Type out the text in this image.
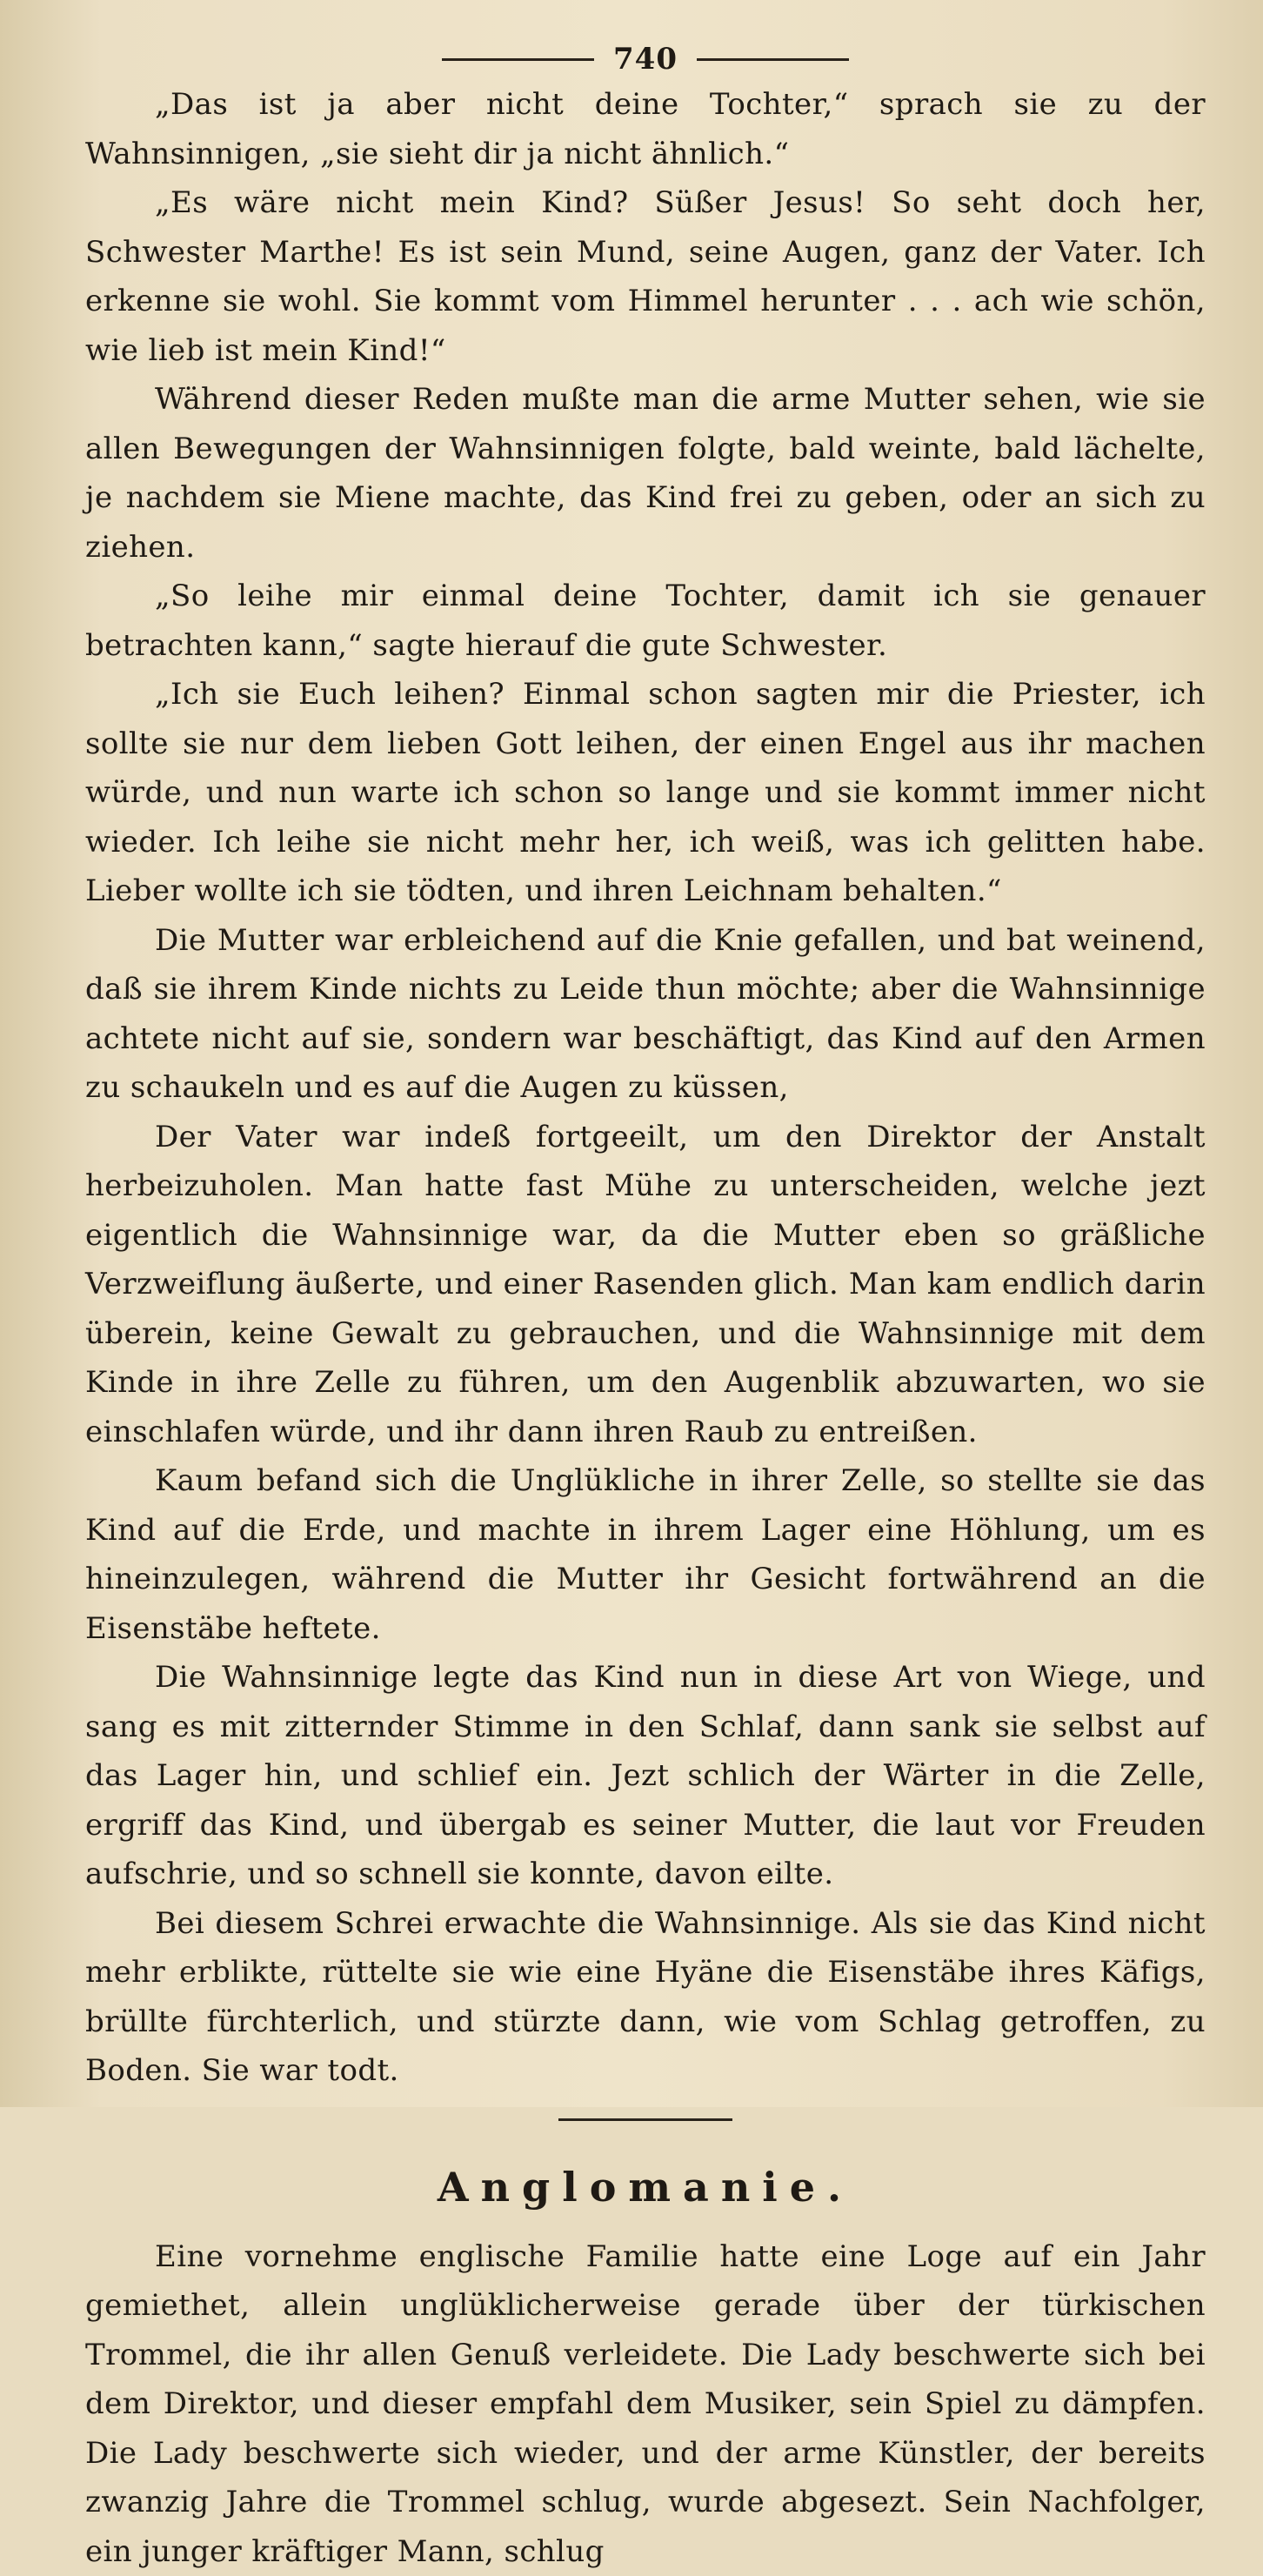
740

„Das ist ja aber nicht deine Tochter,“ sprach sie zu der Wahnsinnigen, „sie sieht dir ja nicht ähnlich.“

„Es wäre nicht mein Kind? Süßer Jesus! So seht doch her, Schwester Marthe! Es ist sein Mund, seine Augen, ganz der Vater. Ich erkenne sie wohl. Sie kommt vom Himmel herunter . . . ach wie schön, wie lieb ist mein Kind!“

Während dieser Reden mußte man die arme Mutter sehen, wie sie allen Bewegungen der Wahnsinnigen folgte, bald weinte, bald lächelte, je nachdem sie Miene machte, das Kind frei zu geben, oder an sich zu ziehen.

„So leihe mir einmal deine Tochter, damit ich sie genauer betrachten kann,“ sagte hierauf die gute Schwester.

„Ich sie Euch leihen? Einmal schon sagten mir die Priester, ich sollte sie nur dem lieben Gott leihen, der einen Engel aus ihr machen würde, und nun warte ich schon so lange und sie kommt immer nicht wieder. Ich leihe sie nicht mehr her, ich weiß, was ich gelitten habe. Lieber wollte ich sie tödten, und ihren Leichnam behalten.“

Die Mutter war erbleichend auf die Knie gefallen, und bat weinend, daß sie ihrem Kinde nichts zu Leide thun möchte; aber die Wahnsinnige achtete nicht auf sie, sondern war beschäftigt, das Kind auf den Armen zu schaukeln und es auf die Augen zu küssen,

Der Vater war indeß fortgeeilt, um den Direktor der Anstalt herbeizuholen. Man hatte fast Mühe zu unterscheiden, welche jezt eigentlich die Wahnsinnige war, da die Mutter eben so gräßliche Verzweiflung äußerte, und einer Rasenden glich. Man kam endlich darin überein, keine Gewalt zu gebrauchen, und die Wahnsinnige mit dem Kinde in ihre Zelle zu führen, um den Augenblik abzuwarten, wo sie einschlafen würde, und ihr dann ihren Raub zu entreißen.

Kaum befand sich die Unglükliche in ihrer Zelle, so stellte sie das Kind auf die Erde, und machte in ihrem Lager eine Höhlung, um es hineinzulegen, während die Mutter ihr Gesicht fortwährend an die Eisenstäbe heftete.

Die Wahnsinnige legte das Kind nun in diese Art von Wiege, und sang es mit zitternder Stimme in den Schlaf, dann sank sie selbst auf das Lager hin, und schlief ein. Jezt schlich der Wärter in die Zelle, ergriff das Kind, und übergab es seiner Mutter, die laut vor Freuden aufschrie, und so schnell sie konnte, davon eilte.

Bei diesem Schrei erwachte die Wahnsinnige. Als sie das Kind nicht mehr erblikte, rüttelte sie wie eine Hyäne die Eisenstäbe ihres Käfigs, brüllte fürchterlich, und stürzte dann, wie vom Schlag getroffen, zu Boden. Sie war todt.

Anglomanie.

Eine vornehme englische Familie hatte eine Loge auf ein Jahr gemiethet, allein unglüklicherweise gerade über der türkischen Trommel, die ihr allen Genuß verleidete. Die Lady beschwerte sich bei dem Direktor, und dieser empfahl dem Musiker, sein Spiel zu dämpfen. Die Lady beschwerte sich wieder, und der arme Künstler, der bereits zwanzig Jahre die Trommel schlug, wurde abgesezt. Sein Nachfolger, ein junger kräftiger Mann, schlug
